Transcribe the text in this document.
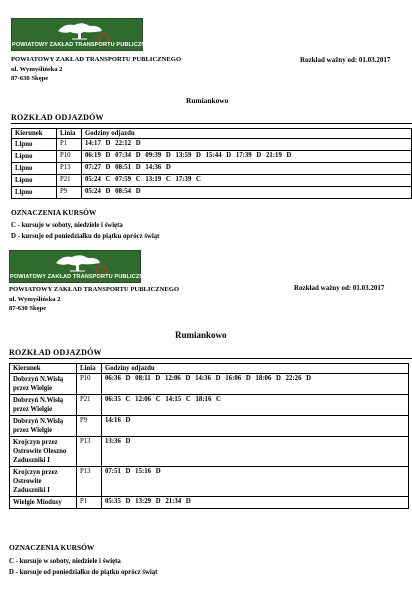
POWIATOWY ZAKŁAD TRANSPORTU PUBLICZNEGO
POWIATOWY ZAKŁAD TRANSPORTU PUBLICZNEGO
ul. Wymyślińska 2
87-630 Skępe
Rozkład ważny od: 01.03.2017
Rumiankowo
ROZKŁAD ODJAZDÓW
Kierunek	Linia	Godziny odjazdu
Lipno	P1	14:17 D 22:12 D
Lipno	P10	06:19 D 07:34 D 09:39 D 13:59 D 15:44 D 17:39 D 21:19 D
Lipno	P13	07:27 D 08:51 D 14:36 D
Lipno	P21	05:24 C 07:59 C 13:19 C 17:39 C
Lipno	P9	05:24 D 08:54 D
OZNACZENIA KURSÓW
C - kursuje w soboty, niedziele i święta
D - kursuje od poniedziałku do piątku oprócz świąt
POWIATOWY ZAKŁAD TRANSPORTU PUBLICZNEGO
POWIATOWY ZAKŁAD TRANSPORTU PUBLICZNEGO
ul. Wymyślińska 2
87-630 Skępe
Rozkład ważny od: 01.03.2017
Rumiankowo
ROZKŁAD ODJAZDÓW
Kierunek	Linia	Godziny odjazdu
Dobrzyń N.Wisłą przez Wielgie	P10	06:36 D 08:11 D 12:06 D 14:36 D 16:06 D 18:06 D 22:26 D
Dobrzyń N.Wisłą przez Wielgie	P21	06:35 C 12:06 C 14:15 C 18:16 C
Dobrzyń N.Wisłą przez Wielgie	P9	14:16 D
Krojczyn przez Ostrowite Oleszno Zaduszniki I	P13	13:36 D
Krojczyn przez Ostrowite Zaduszniki I	P13	07:51 D 15:16 D
Wielgie Miodusy	P1	05:35 D 13:29 D 21:34 D
OZNACZENIA KURSÓW
C - kursuje w soboty, niedziele i święta
D - kursuje od poniedziałku do piątku oprócz świąt
